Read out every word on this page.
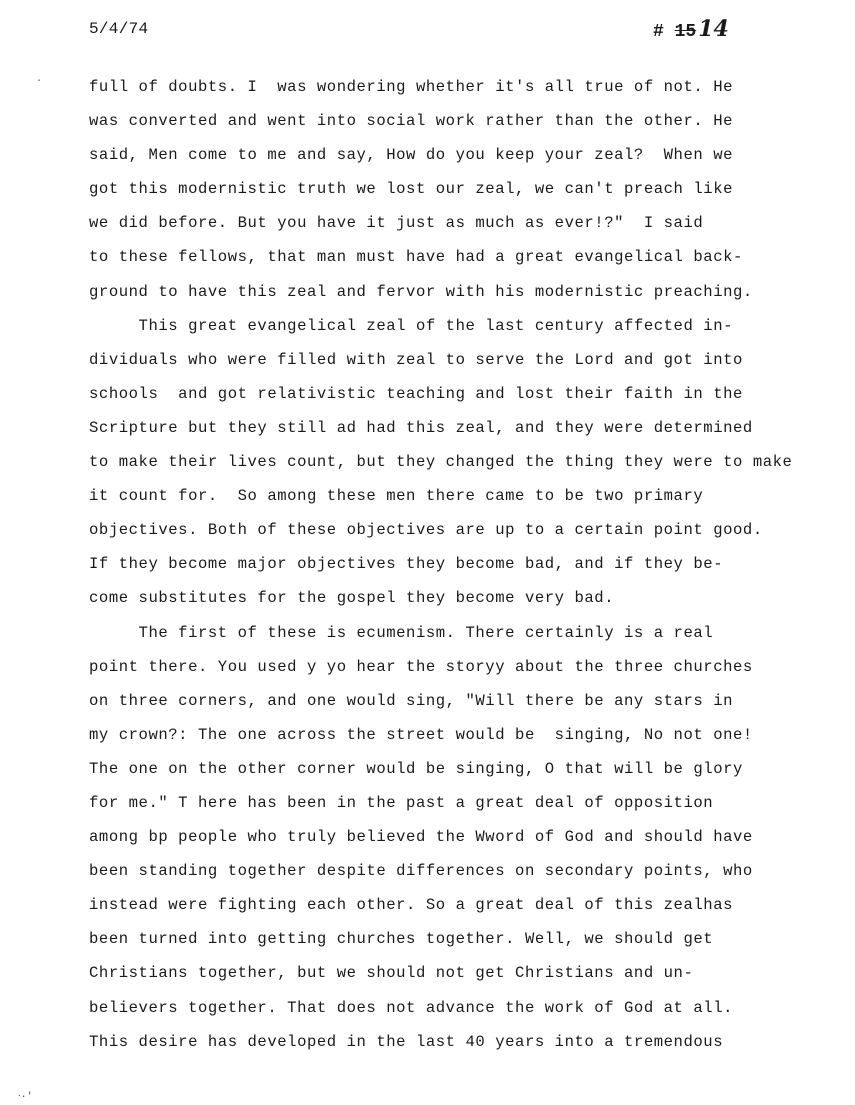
5/4/74	# 1514
·
⸱·'
full of doubts. I  was wondering whether it's all true of not. He
was converted and went into social work rather than the other. He
said, Men come to me and say, How do you keep your zeal?  When we
got this modernistic truth we lost our zeal, we can't preach like
we did before. But you have it just as much as ever!?"  I said
to these fellows, that man must have had a great evangelical back-
ground to have this zeal and fervor with his modernistic preaching.
This great evangelical zeal of the last century affected in-
dividuals who were filled with zeal to serve the Lord and got into
schools  and got relativistic teaching and lost their faith in the
Scripture but they still ad had this zeal, and they were determined
to make their lives count, but they changed the thing they were to make
it count for.  So among these men there came to be two primary
objectives. Both of these objectives are up to a certain point good.
If they become major objectives they become bad, and if they be-
come substitutes for the gospel they become very bad.
The first of these is ecumenism. There certainly is a real
point there. You used y yo hear the storyy about the three churches
on three corners, and one would sing, "Will there be any stars in
my crown?: The one across the street would be  singing, No not one!
The one on the other corner would be singing, O that will be glory
for me." T here has been in the past a great deal of opposition
among bp people who truly believed the Wword of God and should have
been standing together despite differences on secondary points, who
instead were fighting each other. So a great deal of this zealhas
been turned into getting churches together. Well, we should get
Christians together, but we should not get Christians and un-
believers together. That does not advance the work of God at all.
This desire has developed in the last 40 years into a tremendous
